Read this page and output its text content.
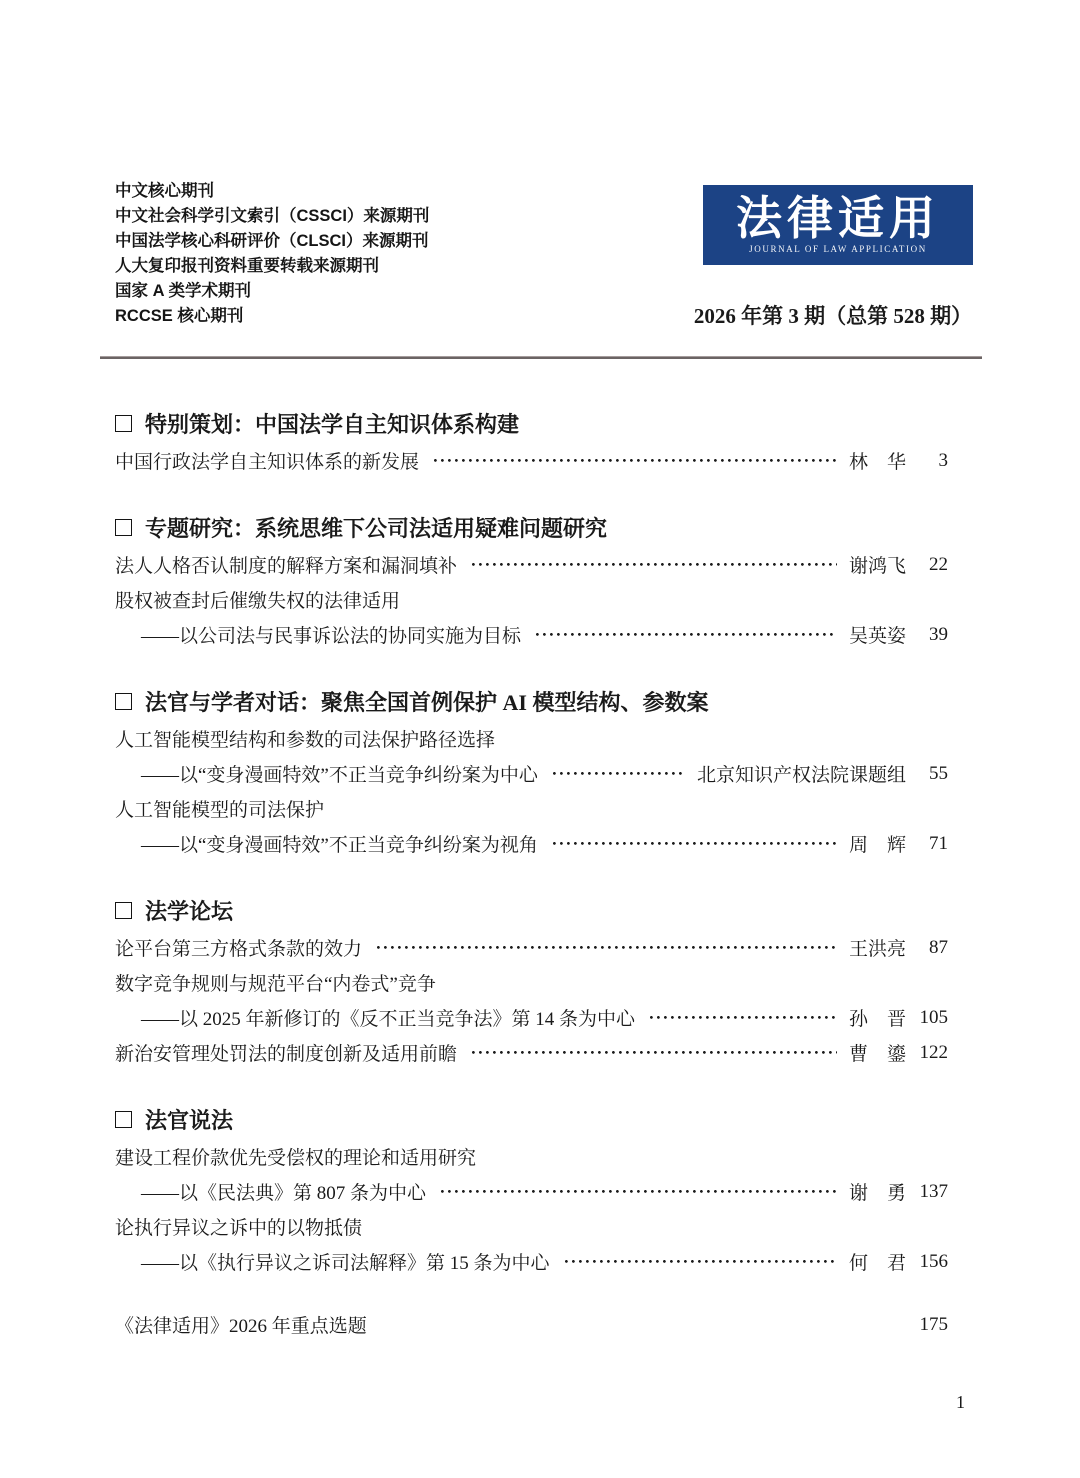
中文核心期刊
中文社会科学引文索引（CSSCI）来源期刊
中国法学核心科研评价（CLSCI）来源期刊
人大复印报刊资料重要转载来源期刊
国家 A 类学术期刊
RCCSE 核心期刊
法律适用
JOURNAL OF LAW APPLICATION
2026 年第 3 期（总第 528 期）
特别策划：中国法学自主知识体系构建
中国行政法学自主知识体系的新发展	林　华	3
专题研究：系统思维下公司法适用疑难问题研究
法人人格否认制度的解释方案和漏洞填补	谢鸿飞	22
股权被查封后催缴失权的法律适用
——以公司法与民事诉讼法的协同实施为目标	吴英姿	39
法官与学者对话：聚焦全国首例保护 AI 模型结构、参数案
人工智能模型结构和参数的司法保护路径选择
——以“变身漫画特效”不正当竞争纠纷案为中心	北京知识产权法院课题组	55
人工智能模型的司法保护
——以“变身漫画特效”不正当竞争纠纷案为视角	周　辉	71
法学论坛
论平台第三方格式条款的效力	王洪亮	87
数字竞争规则与规范平台“内卷式”竞争
——以 2025 年新修订的《反不正当竞争法》第 14 条为中心	孙　晋 105
新治安管理处罚法的制度创新及适用前瞻	曹　鎏 122
法官说法
建设工程价款优先受偿权的理论和适用研究
——以《民法典》第 807 条为中心	谢　勇 137
论执行异议之诉中的以物抵债
——以《执行异议之诉司法解释》第 15 条为中心	何　君 156
《法律适用》2026 年重点选题	175
1
